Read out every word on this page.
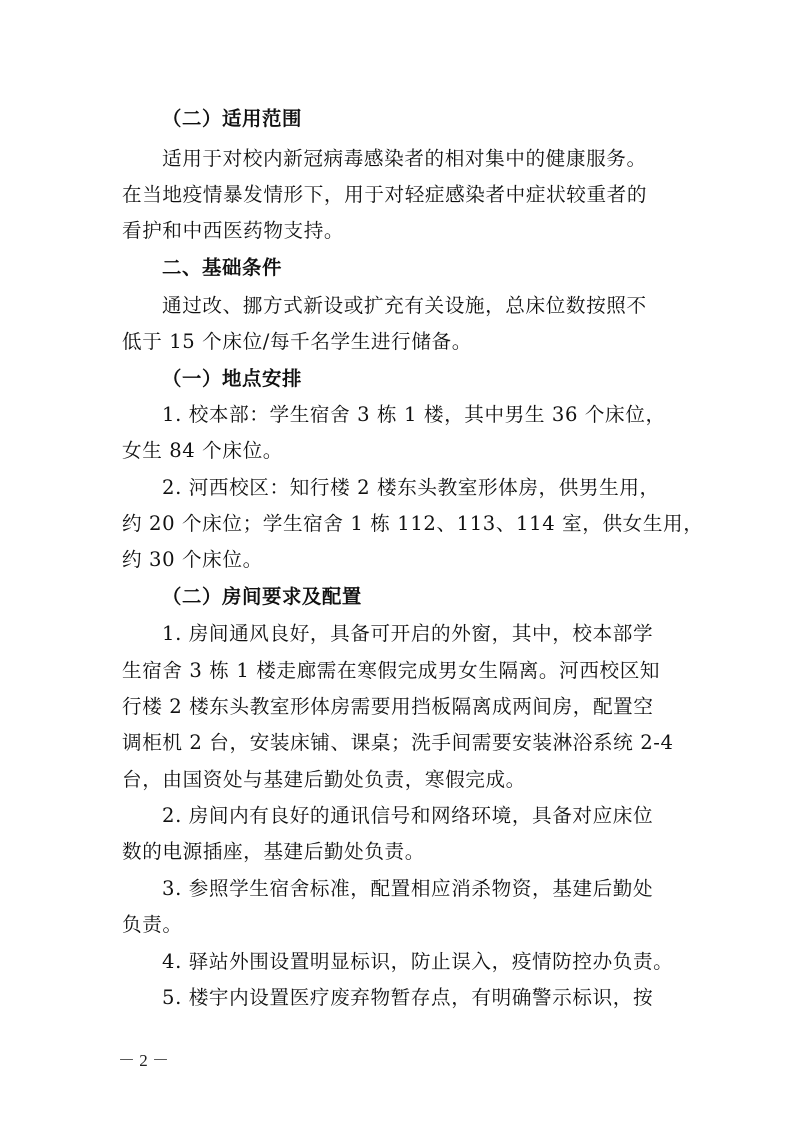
（二）适用范围
适用于对校内新冠病毒感染者的相对集中的健康服务。
在当地疫情暴发情形下，用于对轻症感染者中症状较重者的
看护和中西医药物支持。
二、基础条件
通过改、挪方式新设或扩充有关设施，总床位数按照不
低于 15 个床位/每千名学生进行储备。
（一）地点安排
1. 校本部：学生宿舍 3 栋 1 楼，其中男生 36 个床位，
女生 84 个床位。
2. 河西校区：知行楼 2 楼东头教室形体房，供男生用，
约 20 个床位；学生宿舍 1 栋 112、113、114 室，供女生用，
约 30 个床位。
（二）房间要求及配置
1. 房间通风良好，具备可开启的外窗，其中，校本部学
生宿舍 3 栋 1 楼走廊需在寒假完成男女生隔离。河西校区知
行楼 2 楼东头教室形体房需要用挡板隔离成两间房，配置空
调柜机 2 台，安装床铺、课桌；洗手间需要安装淋浴系统 2-4
台，由国资处与基建后勤处负责，寒假完成。
2. 房间内有良好的通讯信号和网络环境，具备对应床位
数的电源插座，基建后勤处负责。
3. 参照学生宿舍标准，配置相应消杀物资，基建后勤处
负责。
4. 驿站外围设置明显标识，防止误入，疫情防控办负责。
5. 楼宇内设置医疗废弃物暂存点，有明确警示标识，按
－ 2 －
